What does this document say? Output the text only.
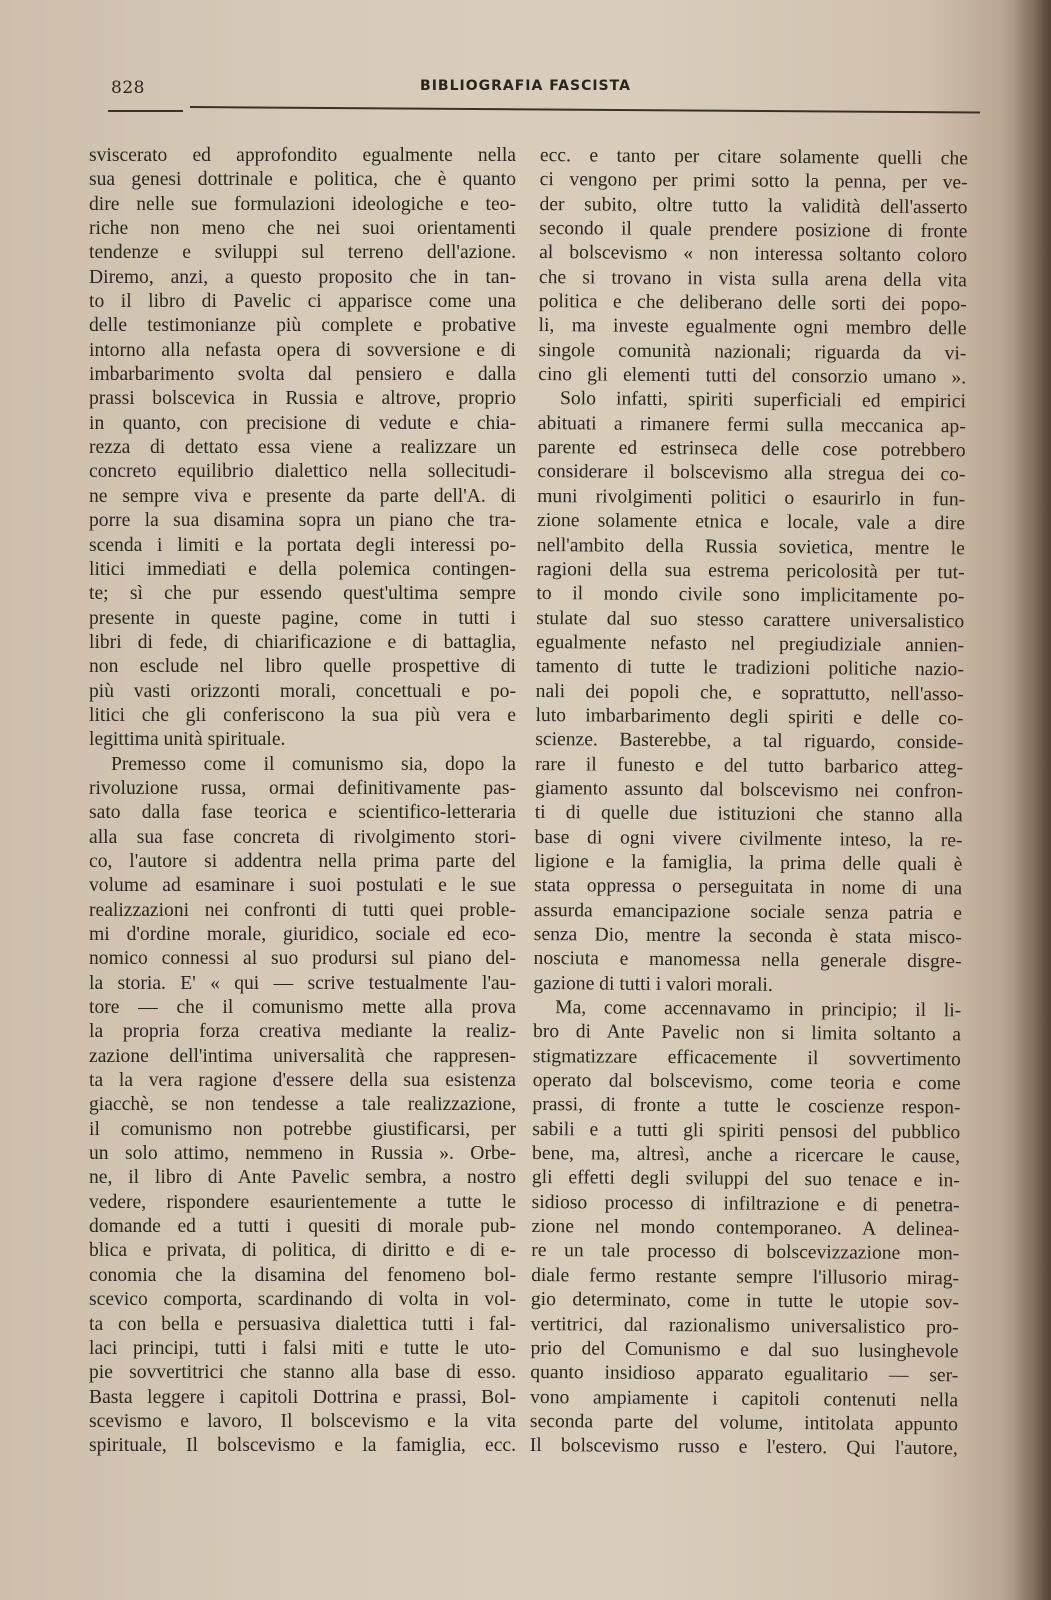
828	BIBLIOGRAFIA FASCISTA

sviscerato ed approfondito egualmente nella

sua genesi dottrinale e politica, che è quanto

dire nelle sue formulazioni ideologiche e teo-

riche non meno che nei suoi orientamenti

tendenze e sviluppi sul terreno dell'azione.

Diremo, anzi, a questo proposito che in tan-

to il libro di Pavelic ci apparisce come una

delle testimonianze più complete e probative

intorno alla nefasta opera di sovversione e di

imbarbarimento svolta dal pensiero e dalla

prassi bolscevica in Russia e altrove, proprio

in quanto, con precisione di vedute e chia-

rezza di dettato essa viene a realizzare un

concreto equilibrio dialettico nella sollecitudi-

ne sempre viva e presente da parte dell'A. di

porre la sua disamina sopra un piano che tra-

scenda i limiti e la portata degli interessi po-

litici immediati e della polemica contingen-

te; sì che pur essendo quest'ultima sempre

presente in queste pagine, come in tutti i

libri di fede, di chiarificazione e di battaglia,

non esclude nel libro quelle prospettive di

più vasti orizzonti morali, concettuali e po-

litici che gli conferiscono la sua più vera e

legittima unità spirituale.

Premesso come il comunismo sia, dopo la

rivoluzione russa, ormai definitivamente pas-

sato dalla fase teorica e scientifico-letteraria

alla sua fase concreta di rivolgimento stori-

co, l'autore si addentra nella prima parte del

volume ad esaminare i suoi postulati e le sue

realizzazioni nei confronti di tutti quei proble-

mi d'ordine morale, giuridico, sociale ed eco-

nomico connessi al suo prodursi sul piano del-

la storia. E' « qui — scrive testualmente l'au-

tore — che il comunismo mette alla prova

la propria forza creativa mediante la realiz-

zazione dell'intima universalità che rappresen-

ta la vera ragione d'essere della sua esistenza

giacchè, se non tendesse a tale realizzazione,

il comunismo non potrebbe giustificarsi, per

un solo attimo, nemmeno in Russia ». Orbe-

ne, il libro di Ante Pavelic sembra, a nostro

vedere, rispondere esaurientemente a tutte le

domande ed a tutti i quesiti di morale pub-

blica e privata, di politica, di diritto e di e-

conomia che la disamina del fenomeno bol-

scevico comporta, scardinando di volta in vol-

ta con bella e persuasiva dialettica tutti i fal-

laci principi, tutti i falsi miti e tutte le uto-

pie sovvertitrici che stanno alla base di esso.

Basta leggere i capitoli Dottrina e prassi, Bol-

scevismo e lavoro, Il bolscevismo e la vita

spirituale, Il bolscevismo e la famiglia, ecc.

ecc. e tanto per citare solamente quelli che

ci vengono per primi sotto la penna, per ve-

der subito, oltre tutto la validità dell'asserto

secondo il quale prendere posizione di fronte

al bolscevismo « non interessa soltanto coloro

che si trovano in vista sulla arena della vita

politica e che deliberano delle sorti dei popo-

li, ma investe egualmente ogni membro delle

singole comunità nazionali; riguarda da vi-

cino gli elementi tutti del consorzio umano ».

Solo infatti, spiriti superficiali ed empirici

abituati a rimanere fermi sulla meccanica ap-

parente ed estrinseca delle cose potrebbero

considerare il bolscevismo alla stregua dei co-

muni rivolgimenti politici o esaurirlo in fun-

zione solamente etnica e locale, vale a dire

nell'ambito della Russia sovietica, mentre le

ragioni della sua estrema pericolosità per tut-

to il mondo civile sono implicitamente po-

stulate dal suo stesso carattere universalistico

egualmente nefasto nel pregiudiziale annien-

tamento di tutte le tradizioni politiche nazio-

nali dei popoli che, e soprattutto, nell'asso-

luto imbarbarimento degli spiriti e delle co-

scienze. Basterebbe, a tal riguardo, conside-

rare il funesto e del tutto barbarico atteg-

giamento assunto dal bolscevismo nei confron-

ti di quelle due istituzioni che stanno alla

base di ogni vivere civilmente inteso, la re-

ligione e la famiglia, la prima delle quali è

stata oppressa o perseguitata in nome di una

assurda emancipazione sociale senza patria e

senza Dio, mentre la seconda è stata misco-

nosciuta e manomessa nella generale disgre-

gazione di tutti i valori morali.

Ma, come accennavamo in principio; il li-

bro di Ante Pavelic non si limita soltanto a

stigmatizzare efficacemente il sovvertimento

operato dal bolscevismo, come teoria e come

prassi, di fronte a tutte le coscienze respon-

sabili e a tutti gli spiriti pensosi del pubblico

bene, ma, altresì, anche a ricercare le cause,

gli effetti degli sviluppi del suo tenace e in-

sidioso processo di infiltrazione e di penetra-

zione nel mondo contemporaneo. A delinea-

re un tale processo di bolscevizzazione mon-

diale fermo restante sempre l'illusorio mirag-

gio determinato, come in tutte le utopie sov-

vertitrici, dal razionalismo universalistico pro-

prio del Comunismo e dal suo lusinghevole

quanto insidioso apparato egualitario — ser-

vono ampiamente i capitoli contenuti nella

seconda parte del volume, intitolata appunto

Il bolscevismo russo e l'estero. Qui l'autore,
